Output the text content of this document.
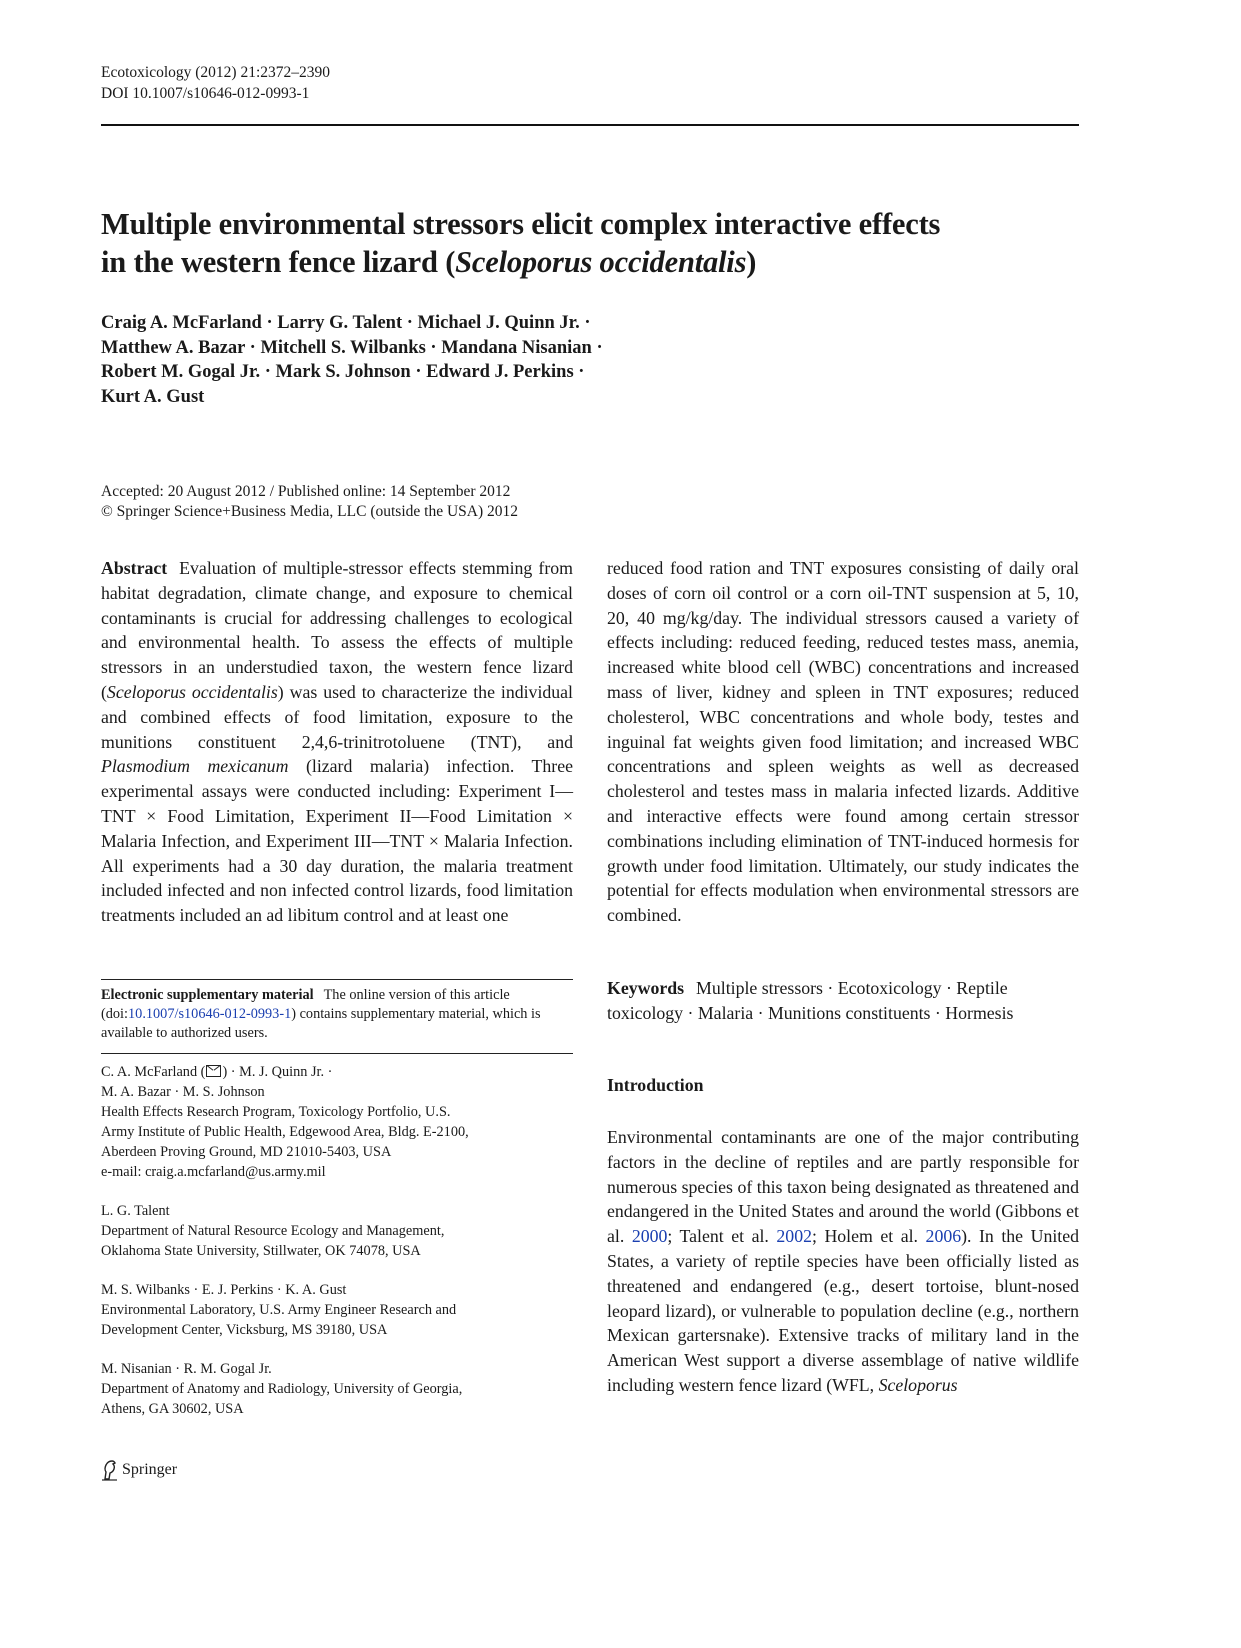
Ecotoxicology (2012) 21:2372–2390
DOI 10.1007/s10646-012-0993-1
Multiple environmental stressors elicit complex interactive effects
in the western fence lizard (Sceloporus occidentalis)
Craig A. McFarland · Larry G. Talent · Michael J. Quinn Jr. ·
Matthew A. Bazar · Mitchell S. Wilbanks · Mandana Nisanian ·
Robert M. Gogal Jr. · Mark S. Johnson · Edward J. Perkins ·
Kurt A. Gust
Accepted: 20 August 2012 / Published online: 14 September 2012
© Springer Science+Business Media, LLC (outside the USA) 2012

Abstract Evaluation of multiple-stressor effects stemming from habitat degradation, climate change, and exposure to chemical contaminants is crucial for addressing challenges to ecological and environmental health. To assess the effects of multiple stressors in an understudied taxon, the western fence lizard (Sceloporus occidentalis) was used to characterize the individual and combined effects of food limitation, exposure to the munitions constituent 2,4,6-trinitrotoluene (TNT), and Plasmodium mexicanum (lizard malaria) infection. Three experimental assays were conducted including: Experiment I—TNT × Food Limitation, Experiment II—Food Limitation × Malaria Infection, and Experiment III—TNT × Malaria Infection. All experiments had a 30 day duration, the malaria treatment included infected and non infected control lizards, food limitation treatments included an ad libitum control and at least one

reduced food ration and TNT exposures consisting of daily oral doses of corn oil control or a corn oil-TNT suspension at 5, 10, 20, 40 mg/kg/day. The individual stressors caused a variety of effects including: reduced feeding, reduced testes mass, anemia, increased white blood cell (WBC) concentrations and increased mass of liver, kidney and spleen in TNT exposures; reduced cholesterol, WBC concentrations and whole body, testes and inguinal fat weights given food limitation; and increased WBC concentrations and spleen weights as well as decreased cholesterol and testes mass in malaria infected lizards. Additive and interactive effects were found among certain stressor combinations including elimination of TNT-induced hormesis for growth under food limitation. Ultimately, our study indicates the potential for effects modulation when environmental stressors are combined.

Electronic supplementary material The online version of this article (doi:10.1007/s10646-012-0993-1) contains supplementary material, which is available to authorized users.
C. A. McFarland ( ) · M. J. Quinn Jr. ·
M. A. Bazar · M. S. Johnson
Health Effects Research Program, Toxicology Portfolio, U.S.
Army Institute of Public Health, Edgewood Area, Bldg. E-2100,
Aberdeen Proving Ground, MD 21010-5403, USA
e-mail: craig.a.mcfarland@us.army.mil
L. G. Talent
Department of Natural Resource Ecology and Management,
Oklahoma State University, Stillwater, OK 74078, USA
M. S. Wilbanks · E. J. Perkins · K. A. Gust
Environmental Laboratory, U.S. Army Engineer Research and
Development Center, Vicksburg, MS 39180, USA
M. Nisanian · R. M. Gogal Jr.
Department of Anatomy and Radiology, University of Georgia,
Athens, GA 30602, USA
Keywords Multiple stressors · Ecotoxicology · Reptile toxicology · Malaria · Munitions constituents · Hormesis
Introduction

Environmental contaminants are one of the major contributing factors in the decline of reptiles and are partly responsible for numerous species of this taxon being designated as threatened and endangered in the United States and around the world (Gibbons et al. 2000; Talent et al. 2002; Holem et al. 2006). In the United States, a variety of reptile species have been officially listed as threatened and endangered (e.g., desert tortoise, blunt-nosed leopard lizard), or vulnerable to population decline (e.g., northern Mexican gartersnake). Extensive tracks of military land in the American West support a diverse assemblage of native wildlife including western fence lizard (WFL, Sceloporus

Springer
